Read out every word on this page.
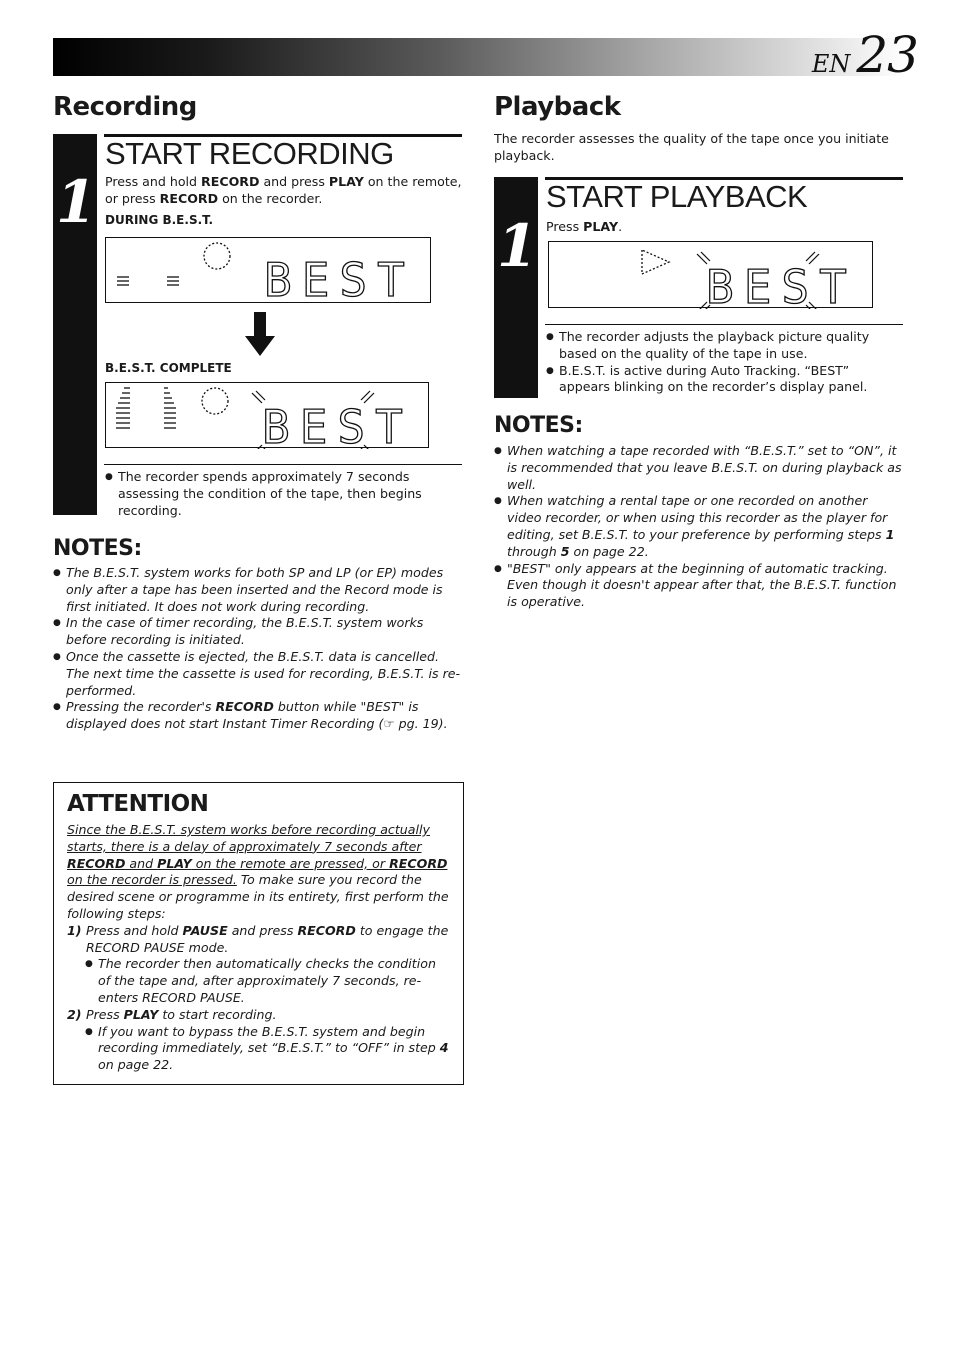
EN 23
Recording
1
START RECORDING
Press and hold RECORD and press PLAY on the remote,
or press RECORD on the recorder.
DURING B.E.S.T.
BEST
B.E.S.T. COMPLETE
BEST
● The recorder spends approximately 7 seconds assessing the condition of the tape, then begins recording.
NOTES:
● The B.E.S.T. system works for both SP and LP (or EP) modes only after a tape has been inserted and the Record mode is first initiated. It does not work during recording.
● In the case of timer recording, the B.E.S.T. system works before recording is initiated.
● Once the cassette is ejected, the B.E.S.T. data is cancelled. The next time the cassette is used for recording, B.E.S.T. is re-performed.
● Pressing the recorder's RECORD button while "BEST" is displayed does not start Instant Timer Recording (☞ pg. 19).
ATTENTION
Since the B.E.S.T. system works before recording actually starts, there is a delay of approximately 7 seconds after RECORD and PLAY on the remote are pressed, or RECORD on the recorder is pressed. To make sure you record the desired scene or programme in its entirety, first perform the following steps:
1) Press and hold PAUSE and press RECORD to engage the RECORD PAUSE mode.
● The recorder then automatically checks the condition of the tape and, after approximately 7 seconds, re-enters RECORD PAUSE.
2) Press PLAY to start recording.
● If you want to bypass the B.E.S.T. system and begin recording immediately, set “B.E.S.T.” to “OFF” in step 4 on page 22.
Playback
The recorder assesses the quality of the tape once you initiate playback.
1
START PLAYBACK
Press PLAY.
BEST
● The recorder adjusts the playback picture quality based on the quality of the tape in use.
● B.E.S.T. is active during Auto Tracking. “BEST” appears blinking on the recorder’s display panel.
NOTES:
● When watching a tape recorded with “B.E.S.T.” set to “ON”, it is recommended that you leave B.E.S.T. on during playback as well.
● When watching a rental tape or one recorded on another video recorder, or when using this recorder as the player for editing, set B.E.S.T. to your preference by performing steps 1 through 5 on page 22.
● "BEST" only appears at the beginning of automatic tracking. Even though it doesn't appear after that, the B.E.S.T. function is operative.
